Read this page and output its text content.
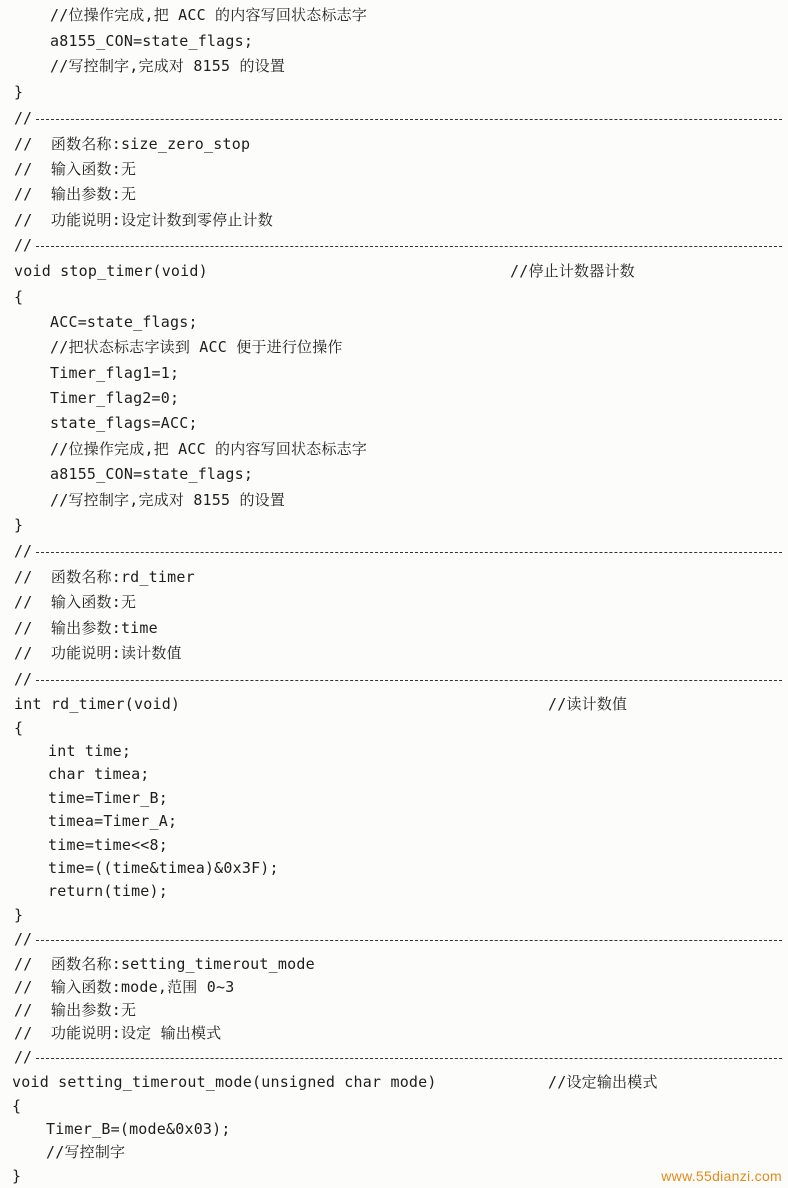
//位操作完成,把 ACC 的内容写回状态标志字
a8155_CON=state_flags;
//写控制字,完成对 8155 的设置
}
//
//  函数名称:size_zero_stop
//  输入函数:无
//  输出参数:无
//  功能说明:设定计数到零停止计数
//
void stop_timer(void)	//停止计数器计数
{
ACC=state_flags;
//把状态标志字读到 ACC 便于进行位操作
Timer_flag1=1;
Timer_flag2=0;
state_flags=ACC;
//位操作完成,把 ACC 的内容写回状态标志字
a8155_CON=state_flags;
//写控制字,完成对 8155 的设置
}
//
//  函数名称:rd_timer
//  输入函数:无
//  输出参数:time
//  功能说明:读计数值
//
int rd_timer(void)	//读计数值
{
int time;
char timea;
time=Timer_B;
timea=Timer_A;
time=time<<8;
time=((time&timea)&0x3F);
return(time);
}
//
//  函数名称:setting_timerout_mode
//  输入函数:mode,范围 0~3
//  输出参数:无
//  功能说明:设定 输出模式
//
void setting_timerout_mode(unsigned char mode)	//设定输出模式
{
Timer_B=(mode&0x03);
//写控制字
}	www.55dianzi.com
